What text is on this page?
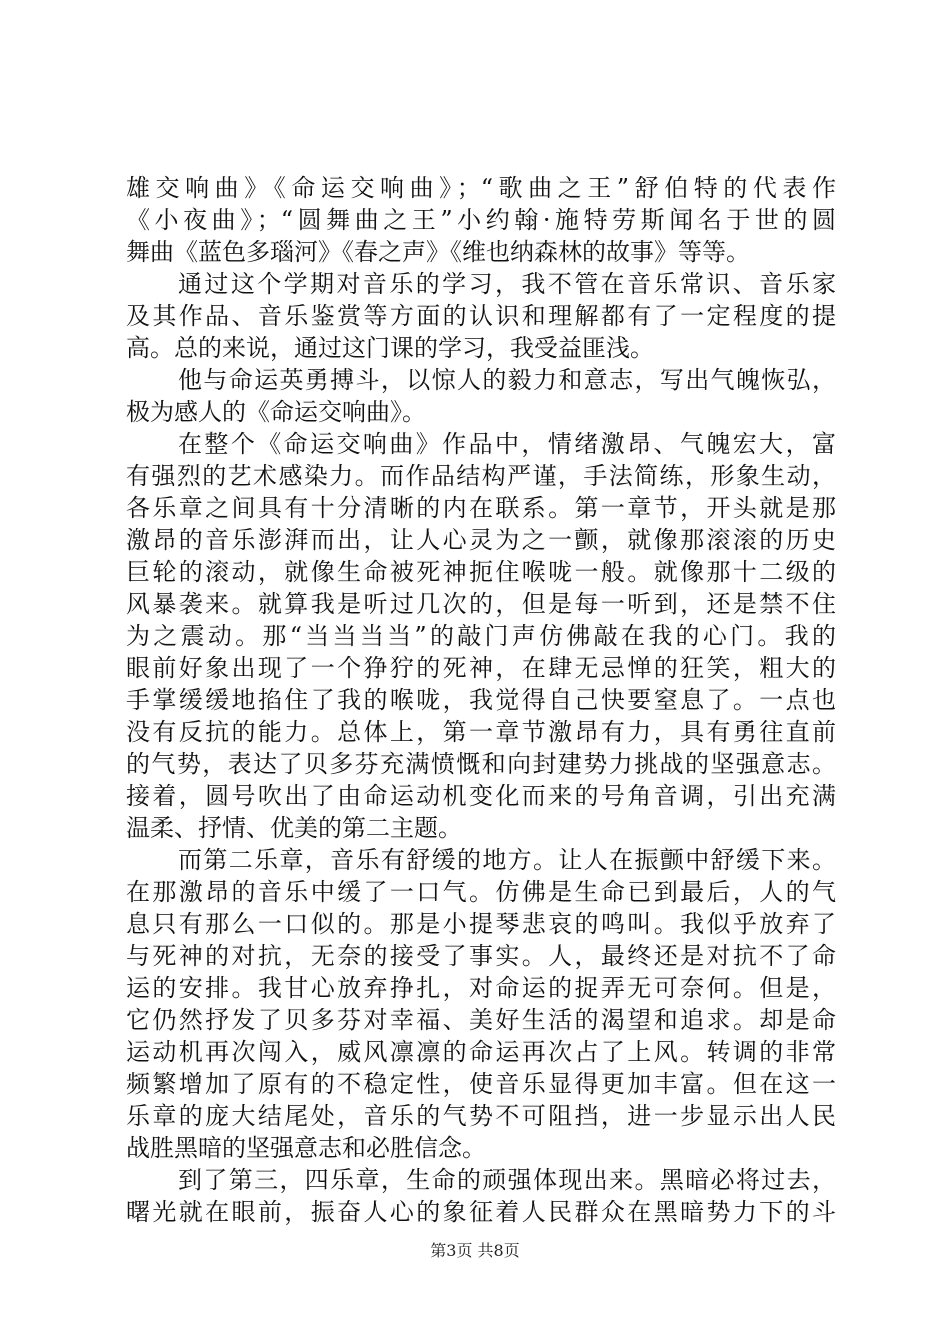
雄交响曲》《命运交响曲》；“歌曲之王”舒伯特的代表作
《小夜曲》；“圆舞曲之王”小约翰·施特劳斯闻名于世的圆
舞曲《蓝色多瑙河》《春之声》《维也纳森林的故事》等等。
通过这个学期对音乐的学习，我不管在音乐常识、音乐家
及其作品、音乐鉴赏等方面的认识和理解都有了一定程度的提
高。总的来说，通过这门课的学习，我受益匪浅。
他与命运英勇搏斗，以惊人的毅力和意志，写出气魄恢弘，
极为感人的《命运交响曲》。
在整个《命运交响曲》作品中，情绪激昂、气魄宏大，富
有强烈的艺术感染力。而作品结构严谨，手法简练，形象生动，
各乐章之间具有十分清晰的内在联系。第一章节，开头就是那
激昂的音乐澎湃而出，让人心灵为之一颤，就像那滚滚的历史
巨轮的滚动，就像生命被死神扼住喉咙一般。就像那十二级的
风暴袭来。就算我是听过几次的，但是每一听到，还是禁不住
为之震动。那“当当当当”的敲门声仿佛敲在我的心门。我的
眼前好象出现了一个狰狞的死神，在肆无忌惮的狂笑，粗大的
手掌缓缓地掐住了我的喉咙，我觉得自己快要窒息了。一点也
没有反抗的能力。总体上，第一章节激昂有力，具有勇往直前
的气势，表达了贝多芬充满愤慨和向封建势力挑战的坚强意志。
接着，圆号吹出了由命运动机变化而来的号角音调，引出充满
温柔、抒情、优美的第二主题。
而第二乐章，音乐有舒缓的地方。让人在振颤中舒缓下来。
在那激昂的音乐中缓了一口气。仿佛是生命已到最后，人的气
息只有那么一口似的。那是小提琴悲哀的鸣叫。我似乎放弃了
与死神的对抗，无奈的接受了事实。人，最终还是对抗不了命
运的安排。我甘心放弃挣扎，对命运的捉弄无可奈何。但是，
它仍然抒发了贝多芬对幸福、美好生活的渴望和追求。却是命
运动机再次闯入，威风凛凛的命运再次占了上风。转调的非常
频繁增加了原有的不稳定性，使音乐显得更加丰富。但在这一
乐章的庞大结尾处，音乐的气势不可阻挡，进一步显示出人民
战胜黑暗的坚强意志和必胜信念。
到了第三，四乐章，生命的顽强体现出来。黑暗必将过去，
曙光就在眼前，振奋人心的象征着人民群众在黑暗势力下的斗
第3页 共8页
